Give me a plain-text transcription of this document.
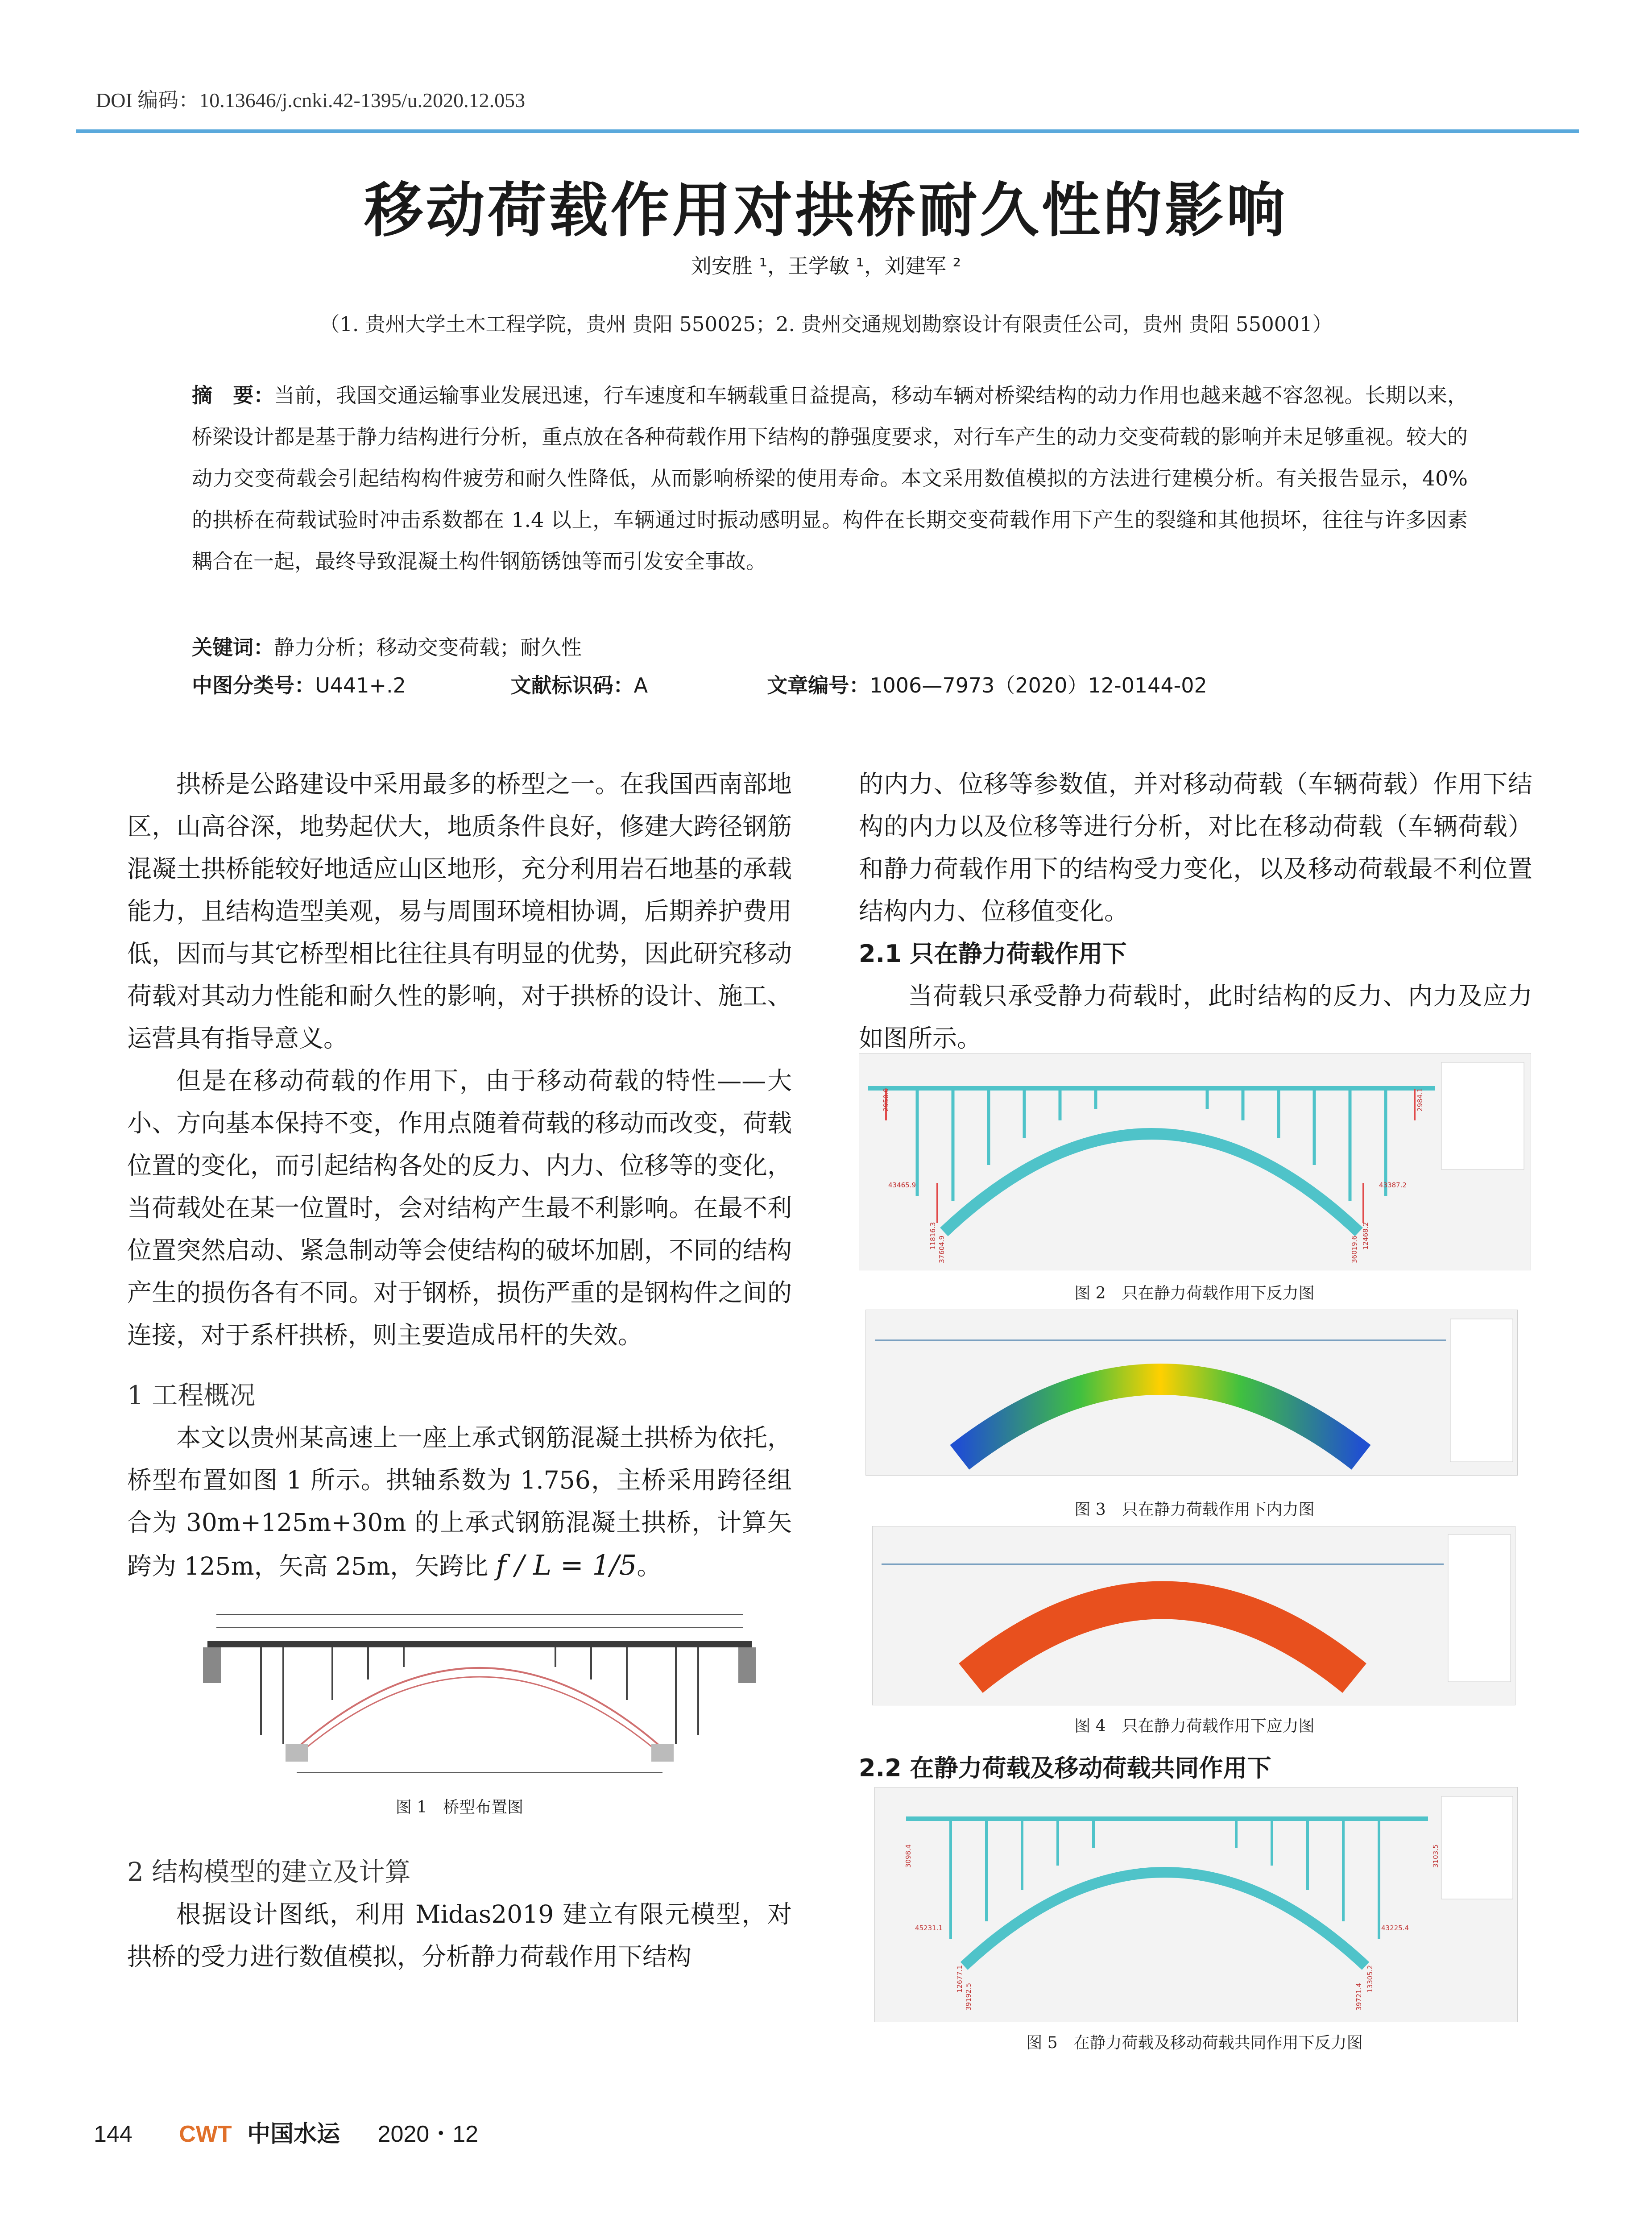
DOI 编码：10.13646/j.cnki.42-1395/u.2020.12.053
移动荷载作用对拱桥耐久性的影响
刘安胜 ¹，王学敏 ¹，刘建军 ²
（1. 贵州大学土木工程学院，贵州 贵阳 550025；2. 贵州交通规划勘察设计有限责任公司，贵州 贵阳 550001）
摘　要：当前，我国交通运输事业发展迅速，行车速度和车辆载重日益提高，移动车辆对桥梁结构的动力作用也越来越不容忽视。长期以来，桥梁设计都是基于静力结构进行分析，重点放在各种荷载作用下结构的静强度要求，对行车产生的动力交变荷载的影响并未足够重视。较大的动力交变荷载会引起结构构件疲劳和耐久性降低，从而影响桥梁的使用寿命。本文采用数值模拟的方法进行建模分析。有关报告显示，40% 的拱桥在荷载试验时冲击系数都在 1.4 以上，车辆通过时振动感明显。构件在长期交变荷载作用下产生的裂缝和其他损坏，往往与许多因素耦合在一起，最终导致混凝土构件钢筋锈蚀等而引发安全事故。
关键词：静力分析；移动交变荷载；耐久性
中图分类号：U441+.2	文献标识码：A	文章编号：1006—7973（2020）12-0144-02

拱桥是公路建设中采用最多的桥型之一。在我国西南部地区，山高谷深，地势起伏大，地质条件良好，修建大跨径钢筋混凝土拱桥能较好地适应山区地形，充分利用岩石地基的承载能力，且结构造型美观，易与周围环境相协调，后期养护费用低，因而与其它桥型相比往往具有明显的优势，因此研究移动荷载对其动力性能和耐久性的影响，对于拱桥的设计、施工、运营具有指导意义。

但是在移动荷载的作用下，由于移动荷载的特性——大小、方向基本保持不变，作用点随着荷载的移动而改变，荷载位置的变化，而引起结构各处的反力、内力、位移等的变化，当荷载处在某一位置时，会对结构产生最不利影响。在最不利位置突然启动、紧急制动等会使结构的破坏加剧，不同的结构产生的损伤各有不同。对于钢桥，损伤严重的是钢构件之间的连接，对于系杆拱桥，则主要造成吊杆的失效。

1 工程概况

本文以贵州某高速上一座上承式钢筋混凝土拱桥为依托，桥型布置如图 1 所示。拱轴系数为 1.756，主桥采用跨径组合为 30m+125m+30m 的上承式钢筋混凝土拱桥，计算矢跨为 125m，矢高 25m，矢跨比 f / L = 1/5。

图 1　桥型布置图

2 结构模型的建立及计算

根据设计图纸，利用 Midas2019 建立有限元模型，对拱桥的受力进行数值模拟，分析静力荷载作用下结构

的内力、位移等参数值，并对移动荷载（车辆荷载）作用下结构的内力以及位移等进行分析，对比在移动荷载（车辆荷载）和静力荷载作用下的结构受力变化，以及移动荷载最不利位置结构内力、位移值变化。

2.1 只在静力荷载作用下

当荷载只承受静力荷载时，此时结构的反力、内力及应力如图所示。

2950.0
43465.9
11816.3 37604.9	36019.6 12468.2
43387.2
2984.1
图 2　只在静力荷载作用下反力图
图 3　只在静力荷载作用下内力图
图 4　只在静力荷载作用下应力图

2.2 在静力荷载及移动荷载共同作用下

3098.4
45231.1
12677.1
39192.5	39721.4
13305.2
43225.4
3103.5
图 5　在静力荷载及移动荷载共同作用下反力图
144 CWT 中国水运 2020・12
